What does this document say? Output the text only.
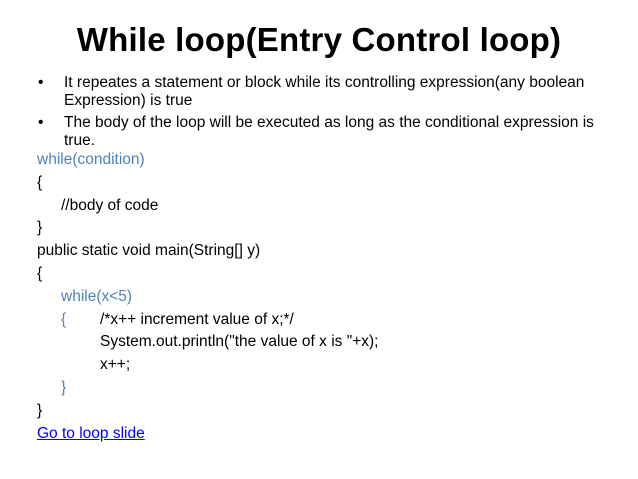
While loop(Entry Control loop)
• It repeates a statement or block while its controlling expression(any boolean Expression) is true
• The body of the loop will be executed as long as the conditional expression is true.
while(condition)
{
//body of code
}
public static void main(String[] y)
{
while(x<5)
{ /*x++ increment value of x;*/
System.out.println("the value of x is "+x);
x++;
}
}
Go to loop slide
